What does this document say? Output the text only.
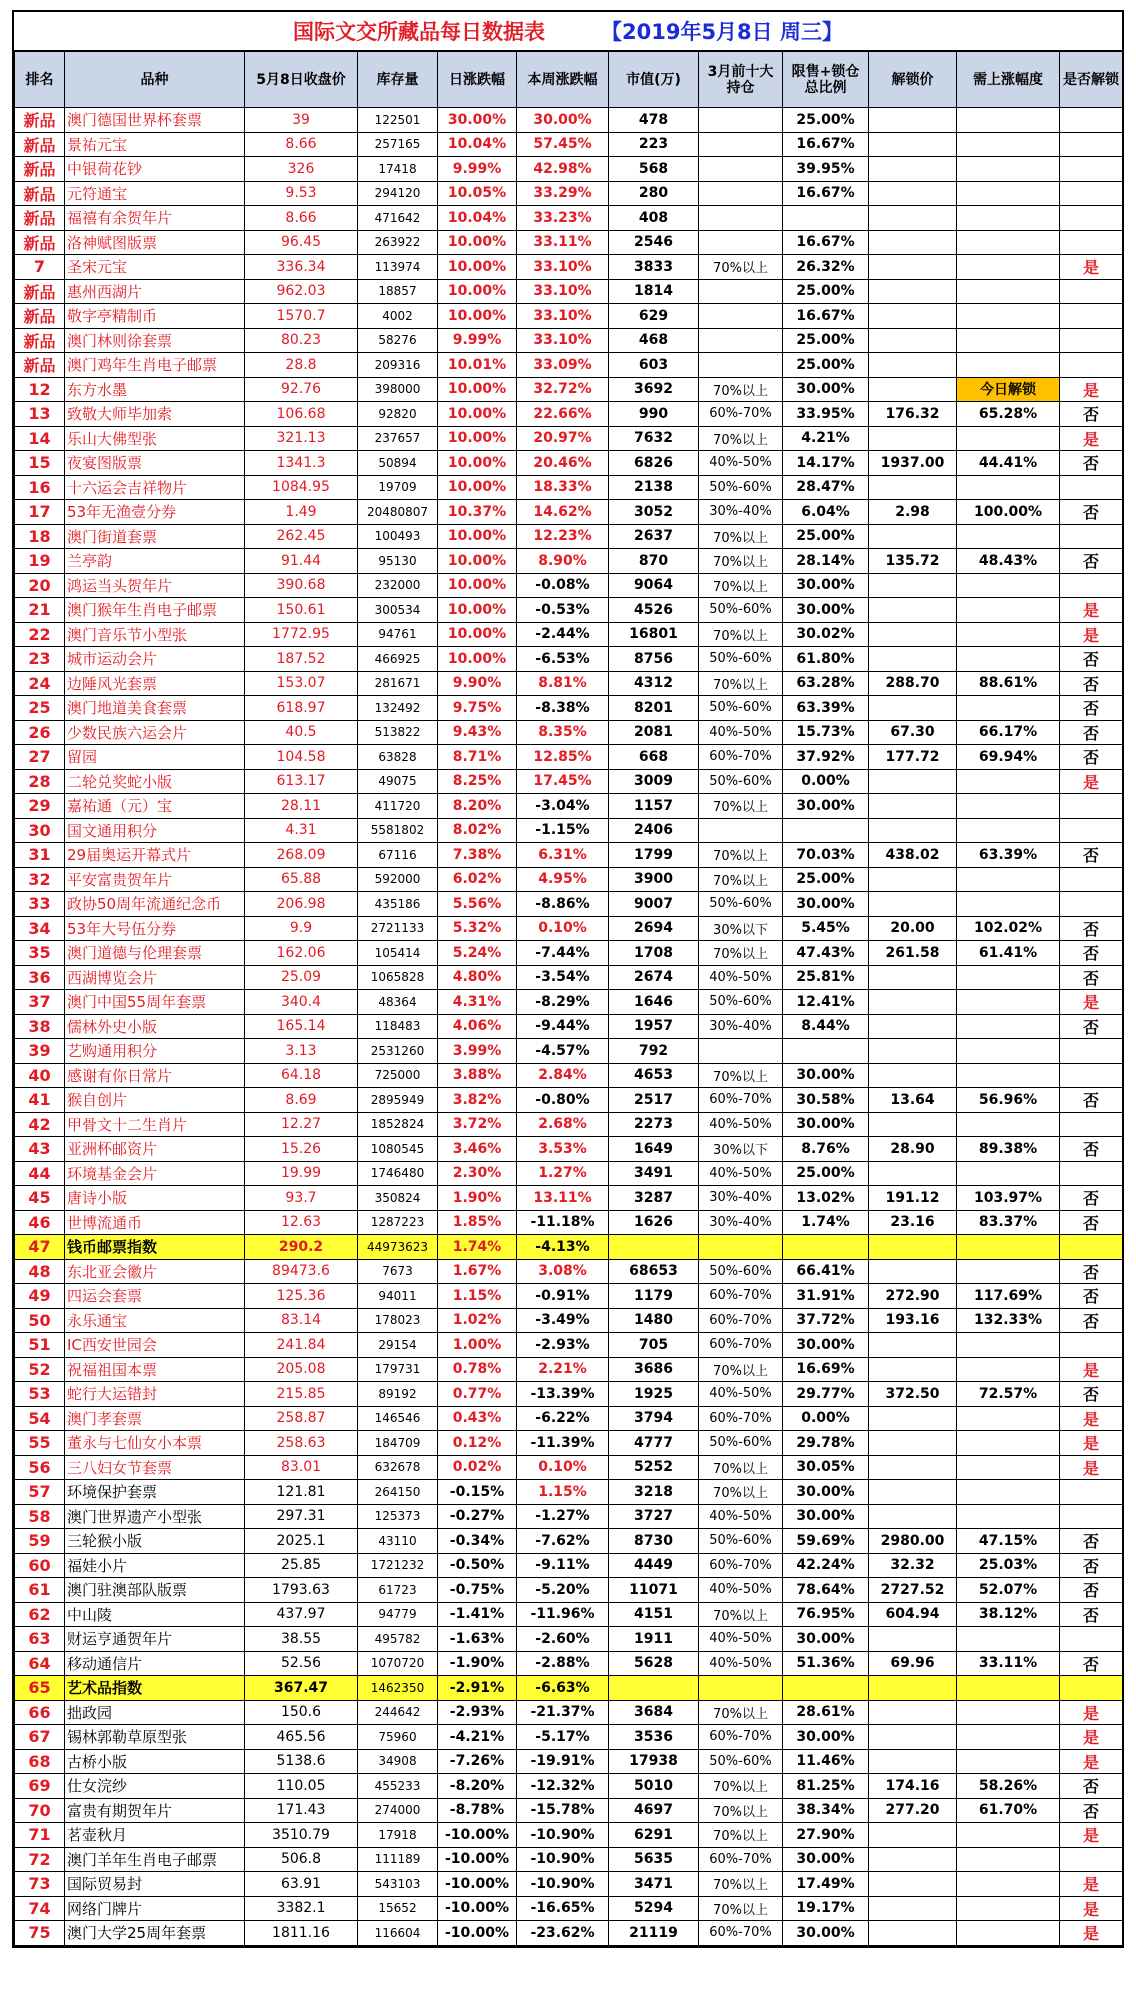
国际文交所藏品每日数据表	【2019年5月8日 周三】
排名	品种	5月8日收盘价	库存量	日涨跌幅	本周涨跌幅	市值(万)	3月前十大持仓	限售+锁仓总比例	解锁价	需上涨幅度	是否解锁
新品	澳门德国世界杯套票	39	122501	30.00%	30.00%	478		25.00%			
新品	景祐元宝	8.66	257165	10.04%	57.45%	223		16.67%			
新品	中银荷花钞	326	17418	9.99%	42.98%	568		39.95%			
新品	元符通宝	9.53	294120	10.05%	33.29%	280		16.67%			
新品	福禧有余贺年片	8.66	471642	10.04%	33.23%	408					
新品	洛神赋图版票	96.45	263922	10.00%	33.11%	2546		16.67%			
7	圣宋元宝	336.34	113974	10.00%	33.10%	3833	70%以上	26.32%			是
新品	惠州西湖片	962.03	18857	10.00%	33.10%	1814		25.00%			
新品	敬字亭精制币	1570.7	4002	10.00%	33.10%	629		16.67%			
新品	澳门林则徐套票	80.23	58276	9.99%	33.10%	468		25.00%			
新品	澳门鸡年生肖电子邮票	28.8	209316	10.01%	33.09%	603		25.00%			
12	东方水墨	92.76	398000	10.00%	32.72%	3692	70%以上	30.00%		今日解锁	是
13	致敬大师毕加索	106.68	92820	10.00%	22.66%	990	60%-70%	33.95%	176.32	65.28%	否
14	乐山大佛型张	321.13	237657	10.00%	20.97%	7632	70%以上	4.21%			是
15	夜宴图版票	1341.3	50894	10.00%	20.46%	6826	40%-50%	14.17%	1937.00	44.41%	否
16	十六运会吉祥物片	1084.95	19709	10.00%	18.33%	2138	50%-60%	28.47%			
17	53年无渔壹分券	1.49	20480807	10.37%	14.62%	3052	30%-40%	6.04%	2.98	100.00%	否
18	澳门街道套票	262.45	100493	10.00%	12.23%	2637	70%以上	25.00%			
19	兰亭韵	91.44	95130	10.00%	8.90%	870	70%以上	28.14%	135.72	48.43%	否
20	鸿运当头贺年片	390.68	232000	10.00%	-0.08%	9064	70%以上	30.00%			
21	澳门猴年生肖电子邮票	150.61	300534	10.00%	-0.53%	4526	50%-60%	30.00%			是
22	澳门音乐节小型张	1772.95	94761	10.00%	-2.44%	16801	70%以上	30.02%			是
23	城市运动会片	187.52	466925	10.00%	-6.53%	8756	50%-60%	61.80%			否
24	边陲风光套票	153.07	281671	9.90%	8.81%	4312	70%以上	63.28%	288.70	88.61%	否
25	澳门地道美食套票	618.97	132492	9.75%	-8.38%	8201	50%-60%	63.39%			否
26	少数民族六运会片	40.5	513822	9.43%	8.35%	2081	40%-50%	15.73%	67.30	66.17%	否
27	留园	104.58	63828	8.71%	12.85%	668	60%-70%	37.92%	177.72	69.94%	否
28	二轮兑奖蛇小版	613.17	49075	8.25%	17.45%	3009	50%-60%	0.00%			是
29	嘉祐通（元）宝	28.11	411720	8.20%	-3.04%	1157	70%以上	30.00%			
30	国文通用积分	4.31	5581802	8.02%	-1.15%	2406					
31	29届奥运开幕式片	268.09	67116	7.38%	6.31%	1799	70%以上	70.03%	438.02	63.39%	否
32	平安富贵贺年片	65.88	592000	6.02%	4.95%	3900	70%以上	25.00%			
33	政协50周年流通纪念币	206.98	435186	5.56%	-8.86%	9007	50%-60%	30.00%			
34	53年大号伍分券	9.9	2721133	5.32%	0.10%	2694	30%以下	5.45%	20.00	102.02%	否
35	澳门道德与伦理套票	162.06	105414	5.24%	-7.44%	1708	70%以上	47.43%	261.58	61.41%	否
36	西湖博览会片	25.09	1065828	4.80%	-3.54%	2674	40%-50%	25.81%			否
37	澳门中国55周年套票	340.4	48364	4.31%	-8.29%	1646	50%-60%	12.41%			是
38	儒林外史小版	165.14	118483	4.06%	-9.44%	1957	30%-40%	8.44%			否
39	艺购通用积分	3.13	2531260	3.99%	-4.57%	792					
40	感谢有你日常片	64.18	725000	3.88%	2.84%	4653	70%以上	30.00%			
41	猴自创片	8.69	2895949	3.82%	-0.80%	2517	60%-70%	30.58%	13.64	56.96%	否
42	甲骨文十二生肖片	12.27	1852824	3.72%	2.68%	2273	40%-50%	30.00%			
43	亚洲杯邮资片	15.26	1080545	3.46%	3.53%	1649	30%以下	8.76%	28.90	89.38%	否
44	环境基金会片	19.99	1746480	2.30%	1.27%	3491	40%-50%	25.00%			
45	唐诗小版	93.7	350824	1.90%	13.11%	3287	30%-40%	13.02%	191.12	103.97%	否
46	世博流通币	12.63	1287223	1.85%	-11.18%	1626	30%-40%	1.74%	23.16	83.37%	否
47	钱币邮票指数	290.2	44973623	1.74%	-4.13%						
48	东北亚会徽片	89473.6	7673	1.67%	3.08%	68653	50%-60%	66.41%			否
49	四运会套票	125.36	94011	1.15%	-0.91%	1179	60%-70%	31.91%	272.90	117.69%	否
50	永乐通宝	83.14	178023	1.02%	-3.49%	1480	60%-70%	37.72%	193.16	132.33%	否
51	IC西安世园会	241.84	29154	1.00%	-2.93%	705	60%-70%	30.00%			
52	祝福祖国本票	205.08	179731	0.78%	2.21%	3686	70%以上	16.69%			是
53	蛇行大运错封	215.85	89192	0.77%	-13.39%	1925	40%-50%	29.77%	372.50	72.57%	否
54	澳门孝套票	258.87	146546	0.43%	-6.22%	3794	60%-70%	0.00%			是
55	董永与七仙女小本票	258.63	184709	0.12%	-11.39%	4777	50%-60%	29.78%			是
56	三八妇女节套票	83.01	632678	0.02%	0.10%	5252	70%以上	30.05%			是
57	环境保护套票	121.81	264150	-0.15%	1.15%	3218	70%以上	30.00%			
58	澳门世界遗产小型张	297.31	125373	-0.27%	-1.27%	3727	40%-50%	30.00%			
59	三轮猴小版	2025.1	43110	-0.34%	-7.62%	8730	50%-60%	59.69%	2980.00	47.15%	否
60	福娃小片	25.85	1721232	-0.50%	-9.11%	4449	60%-70%	42.24%	32.32	25.03%	否
61	澳门驻澳部队版票	1793.63	61723	-0.75%	-5.20%	11071	40%-50%	78.64%	2727.52	52.07%	否
62	中山陵	437.97	94779	-1.41%	-11.96%	4151	70%以上	76.95%	604.94	38.12%	否
63	财运亨通贺年片	38.55	495782	-1.63%	-2.60%	1911	40%-50%	30.00%			
64	移动通信片	52.56	1070720	-1.90%	-2.88%	5628	40%-50%	51.36%	69.96	33.11%	否
65	艺术品指数	367.47	1462350	-2.91%	-6.63%						
66	拙政园	150.6	244642	-2.93%	-21.37%	3684	70%以上	28.61%			是
67	锡林郭勒草原型张	465.56	75960	-4.21%	-5.17%	3536	60%-70%	30.00%			是
68	古桥小版	5138.6	34908	-7.26%	-19.91%	17938	50%-60%	11.46%			是
69	仕女浣纱	110.05	455233	-8.20%	-12.32%	5010	70%以上	81.25%	174.16	58.26%	否
70	富贵有期贺年片	171.43	274000	-8.78%	-15.78%	4697	70%以上	38.34%	277.20	61.70%	否
71	茗壶秋月	3510.79	17918	-10.00%	-10.90%	6291	70%以上	27.90%			是
72	澳门羊年生肖电子邮票	506.8	111189	-10.00%	-10.90%	5635	60%-70%	30.00%			
73	国际贸易封	63.91	543103	-10.00%	-10.90%	3471	70%以上	17.49%			是
74	网络门牌片	3382.1	15652	-10.00%	-16.65%	5294	70%以上	19.17%			是
75	澳门大学25周年套票	1811.16	116604	-10.00%	-23.62%	21119	60%-70%	30.00%			是
